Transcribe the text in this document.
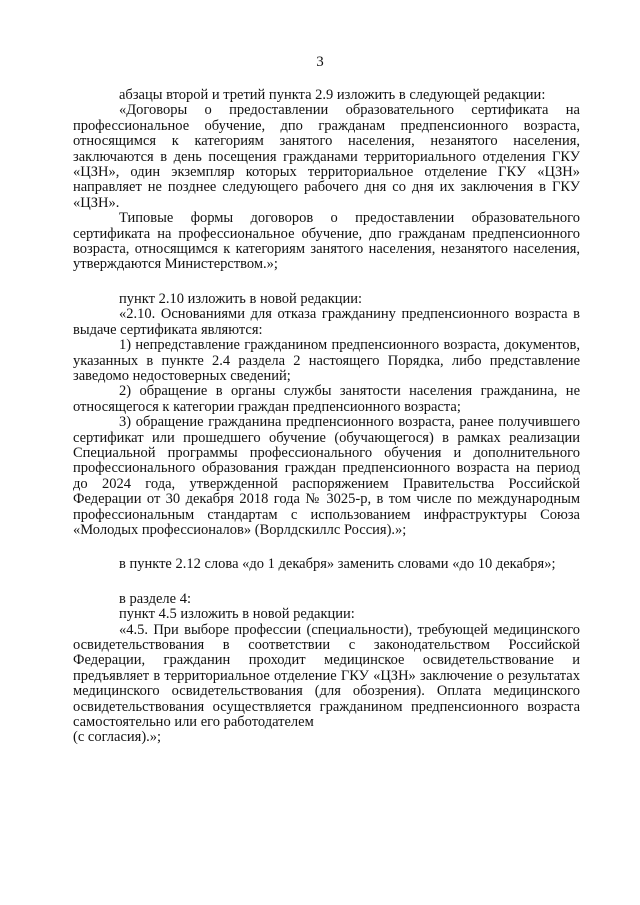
3

абзацы второй и третий пункта 2.9 изложить в следующей редакции:

«Договоры о предоставлении образовательного сертификата на профессиональное обучение, дпо гражданам предпенсионного возраста, относящимся к категориям занятого населения, незанятого населения, заключаются в день посещения гражданами территориального отделения ГКУ «ЦЗН», один экземпляр которых территориальное отделение ГКУ «ЦЗН» направляет не позднее следующего рабочего дня со дня их заключения в ГКУ «ЦЗН».

Типовые формы договоров о предоставлении образовательного сертификата на профессиональное обучение, дпо гражданам предпенсионного возраста, относящимся к категориям занятого населения, незанятого населения, утверждаются Министерством.»;

пункт 2.10 изложить в новой редакции:

«2.10. Основаниями для отказа гражданину предпенсионного возраста в выдаче сертификата являются:

1) непредставление гражданином предпенсионного возраста, документов, указанных в пункте 2.4 раздела 2 настоящего Порядка, либо представление заведомо недостоверных сведений;

2) обращение в органы службы занятости населения гражданина, не относящегося к категории граждан предпенсионного возраста;

3) обращение гражданина предпенсионного возраста, ранее получившего сертификат или прошедшего обучение (обучающегося) в рамках реализации Специальной программы профессионального обучения и дополнительного профессионального образования граждан предпенсионного возраста на период до 2024 года, утвержденной распоряжением Правительства Российской Федерации от 30 декабря 2018 года № 3025-р, в том числе по международным профессиональным стандартам с использованием инфраструктуры Союза «Молодых профессионалов» (Ворлдскиллс Россия).»;

в пункте 2.12 слова «до 1 декабря» заменить словами «до 10 декабря»;

в разделе 4:

пункт 4.5 изложить в новой редакции:

«4.5. При выборе профессии (специальности), требующей медицинского освидетельствования в соответствии с законодательством Российской Федерации, гражданин проходит медицинское освидетельствование и предъявляет в территориальное отделение ГКУ «ЦЗН» заключение о результатах медицинского освидетельствования (для обозрения). Оплата медицинского освидетельствования осуществляется гражданином предпенсионного возраста самостоятельно или его работодателем

(с согласия).»;
